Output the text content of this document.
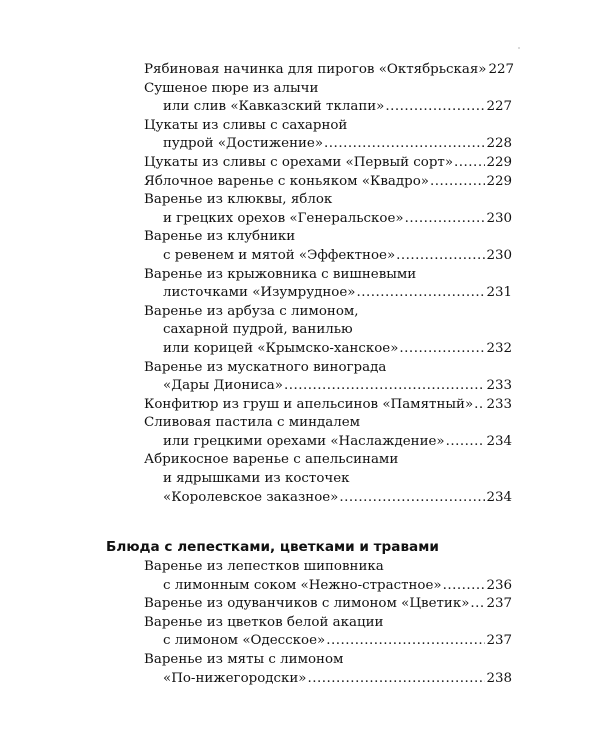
Рябиновая начинка для пирогов «Октябрьская» 227
Сушеное пюре из алычи
или слив «Кавказский тклапи» .....	227
Цукаты из сливы с сахарной
пудрой «Достижение» .....	228
Цукаты из сливы с орехами «Первый сорт» ..... 229
Яблочное варенье с коньяком «Квадро» .....	229
Варенье из клюквы, яблок
и грецких орехов «Генеральское» .....	230
Варенье из клубники
с ревенем и мятой «Эффектное» .....	230
Варенье из крыжовника с вишневыми
листочками «Изумрудное» .....	231
Варенье из арбуза с лимоном,
сахарной пудрой, ванилью
или корицей «Крымско-ханское» .....	232
Варенье из мускатного винограда
«Дары Диониса» .....	233
Конфитюр из груш и апельсинов «Памятный» ..... 233
Сливовая пастила с миндалем
или грецкими орехами «Наслаждение» .....	234
Абрикосное варенье с апельсинами
и ядрышками из косточек
«Королевское заказное» .....	234
Блюда с лепестками, цветками и травами
Варенье из лепестков шиповника
с лимонным соком «Нежно-страстное» .....	236
Варенье из одуванчиков с лимоном «Цветик» ..... 237
Варенье из цветков белой акации
с лимоном «Одесское» .....	237
Варенье из мяты с лимоном
«По-нижегородски» .....	238
